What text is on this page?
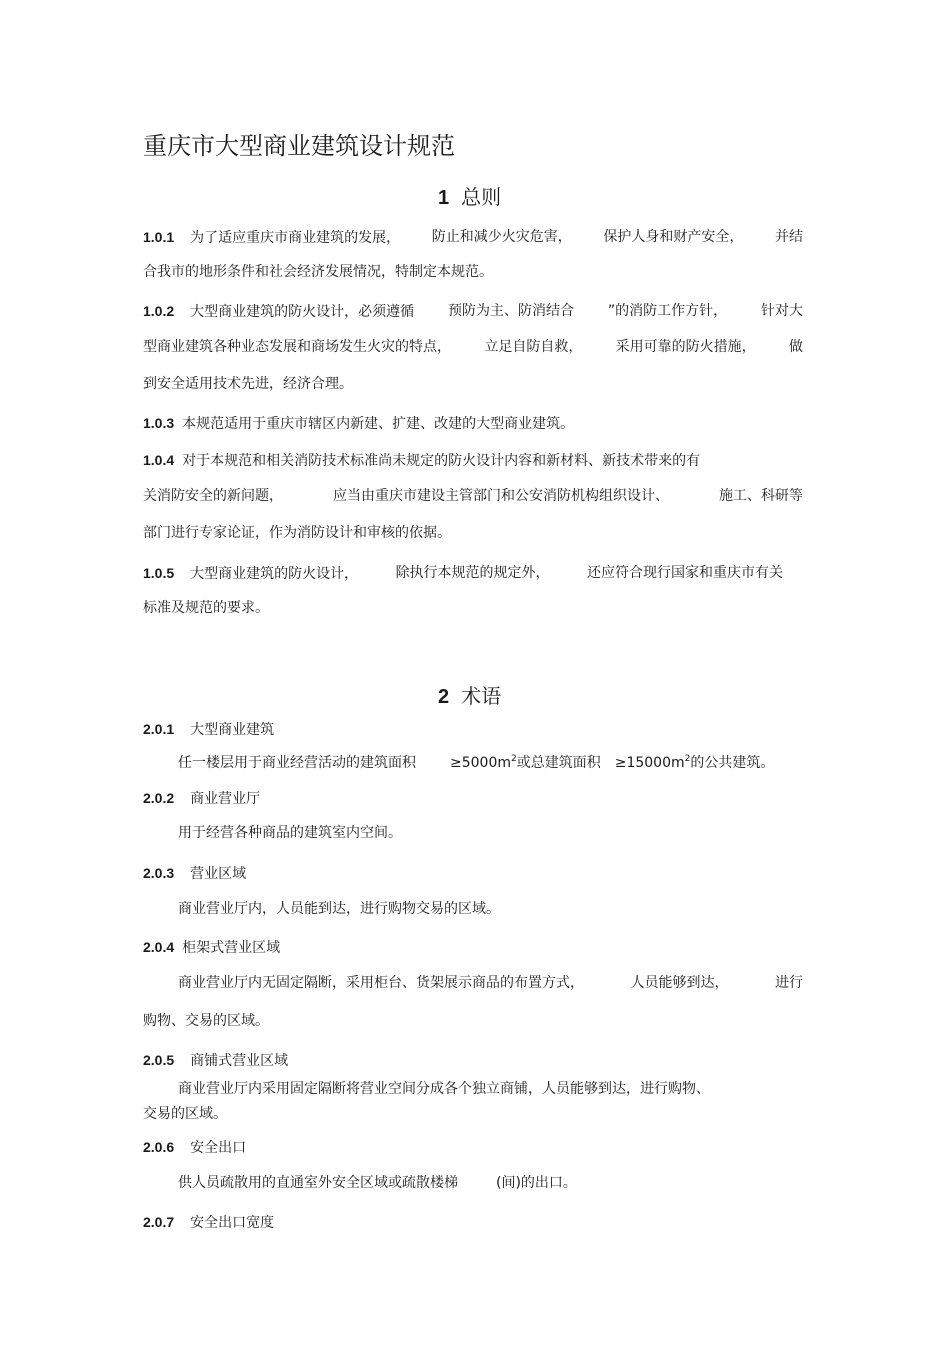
重庆市大型商业建筑设计规范
1 总则
1.0.1 为了适应重庆市商业建筑的发展， 防止和减少火灾危害， 保护人身和财产安全， 并结
合我市的地形条件和社会经济发展情况，特制定本规范。
1.0.2 大型商业建筑的防火设计，必须遵循 预防为主、防消结合 ”的消防工作方针， 针对大
型商业建筑各种业态发展和商场发生火灾的特点， 立足自防自救， 采用可靠的防火措施， 做
到安全适用技术先进，经济合理。
1.0.3 本规范适用于重庆市辖区内新建、扩建、改建的大型商业建筑。
1.0.4 对于本规范和相关消防技术标准尚未规定的防火设计内容和新材料、新技术带来的有
关消防安全的新问题，	应当由重庆市建设主管部门和公安消防机构组织设计、	施工、科研等
部门进行专家论证，作为消防设计和审核的依据。
1.0.5 大型商业建筑的防火设计，	除执行本规范的规定外，	还应符合现行国家和重庆市有关
标准及规范的要求。
2 术语
2.0.1 大型商业建筑
任一楼层用于商业经营活动的建筑面积 $\ge 5000m^2$或总建筑面积 $\ge 15000m^2$的公共建筑。
2.0.2 商业营业厅
用于经营各种商品的建筑室内空间。
2.0.3 营业区域
商业营业厅内，人员能到达，进行购物交易的区域。
2.0.4 柜架式营业区域
商业营业厅内无固定隔断，采用柜台、货架展示商品的布置方式，	人员能够到达，	进行
购物、交易的区域。
2.0.5 商铺式营业区域
商业营业厅内采用固定隔断将营业空间分成各个独立商铺，人员能够到达，进行购物、
交易的区域。
2.0.6 安全出口
供人员疏散用的直通室外安全区域或疏散楼梯	(间)的出口。
2.0.7 安全出口宽度
